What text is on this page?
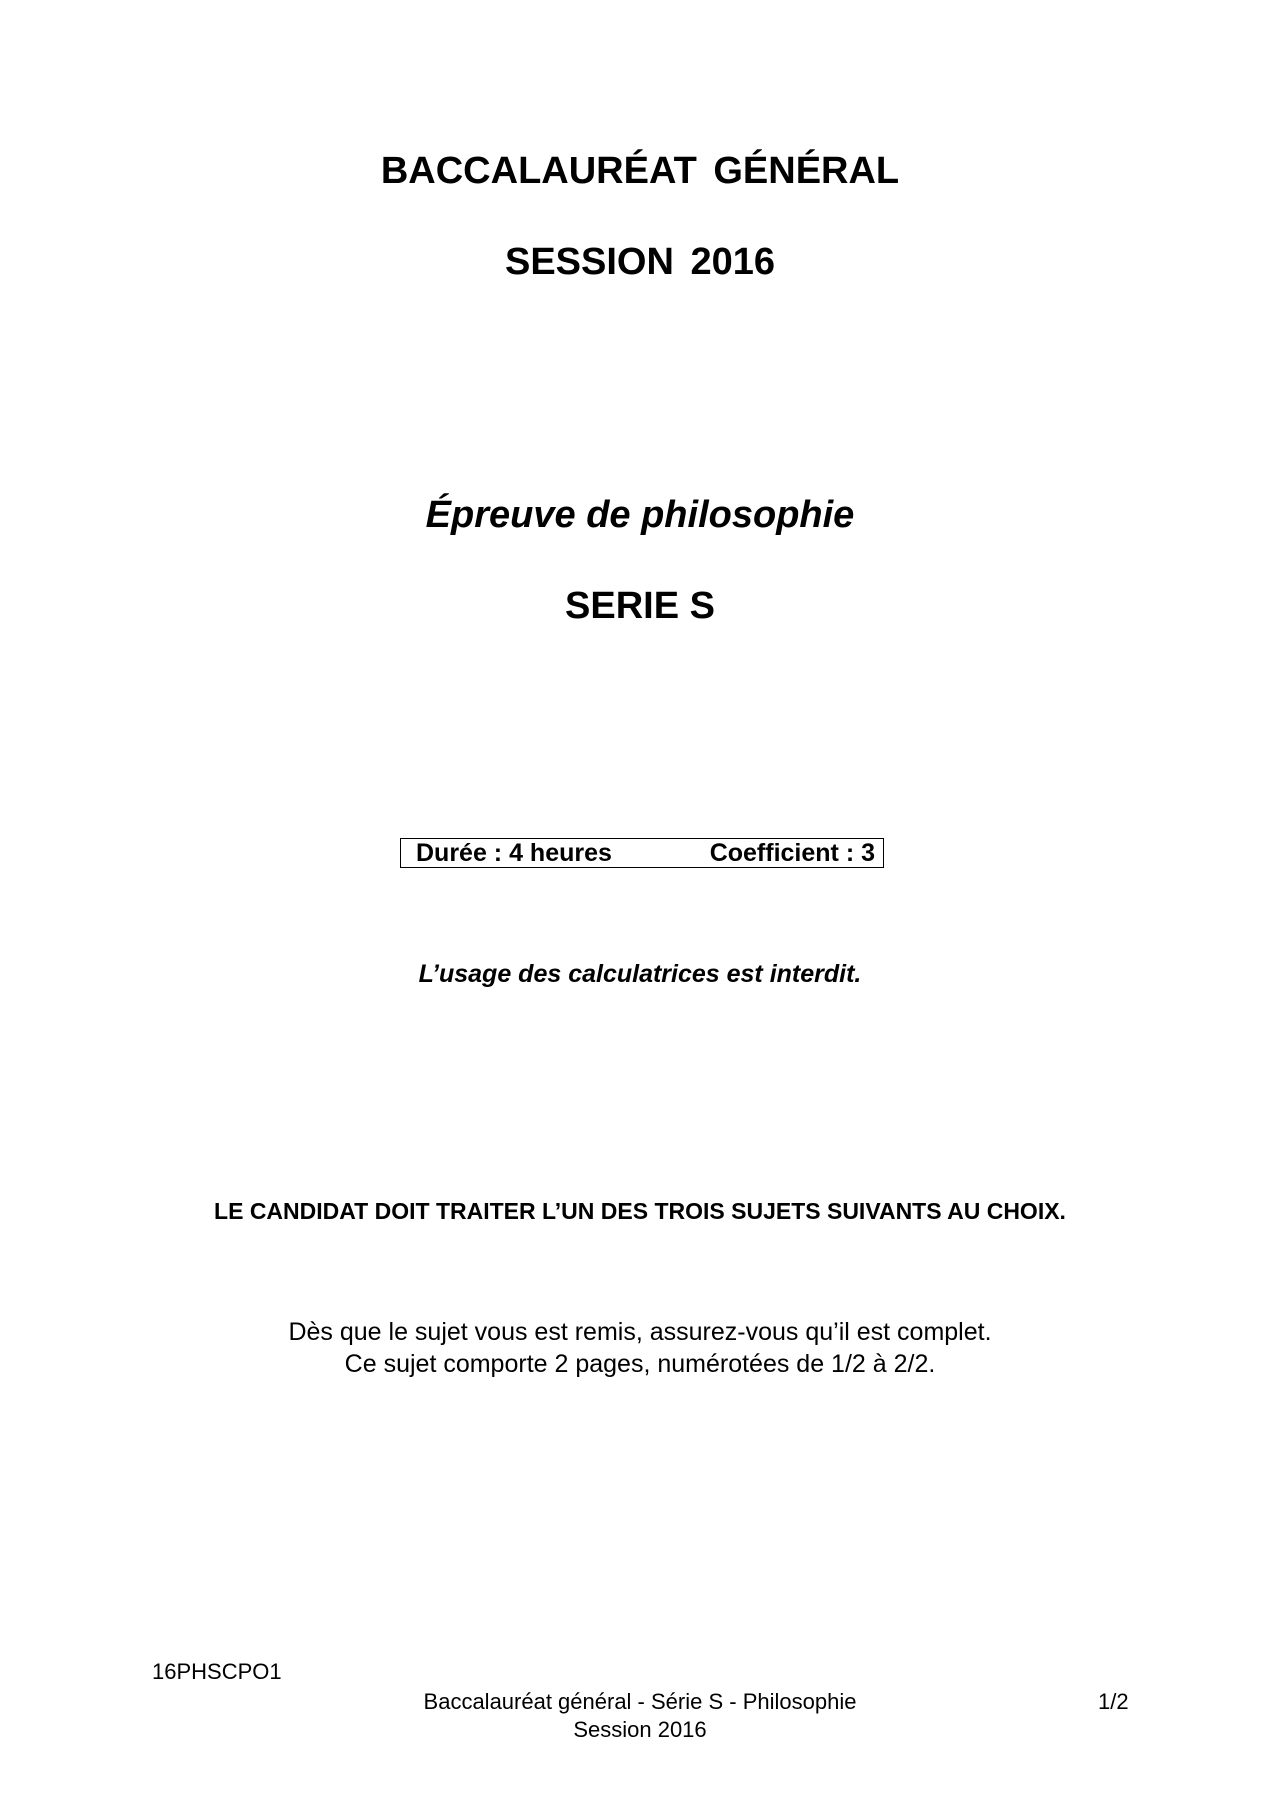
BACCALAURÉAT GÉNÉRAL
SESSION 2016
Épreuve de philosophie
SERIE S
Durée : 4 heures	Coefficient : 3
L’usage des calculatrices est interdit.
LE CANDIDAT DOIT TRAITER L’UN DES TROIS SUJETS SUIVANTS AU CHOIX.
Dès que le sujet vous est remis, assurez-vous qu’il est complet.
Ce sujet comporte 2 pages, numérotées de 1/2 à 2/2.
16PHSCPO1
Baccalauréat général - Série S - Philosophie
Session 2016
1/2
